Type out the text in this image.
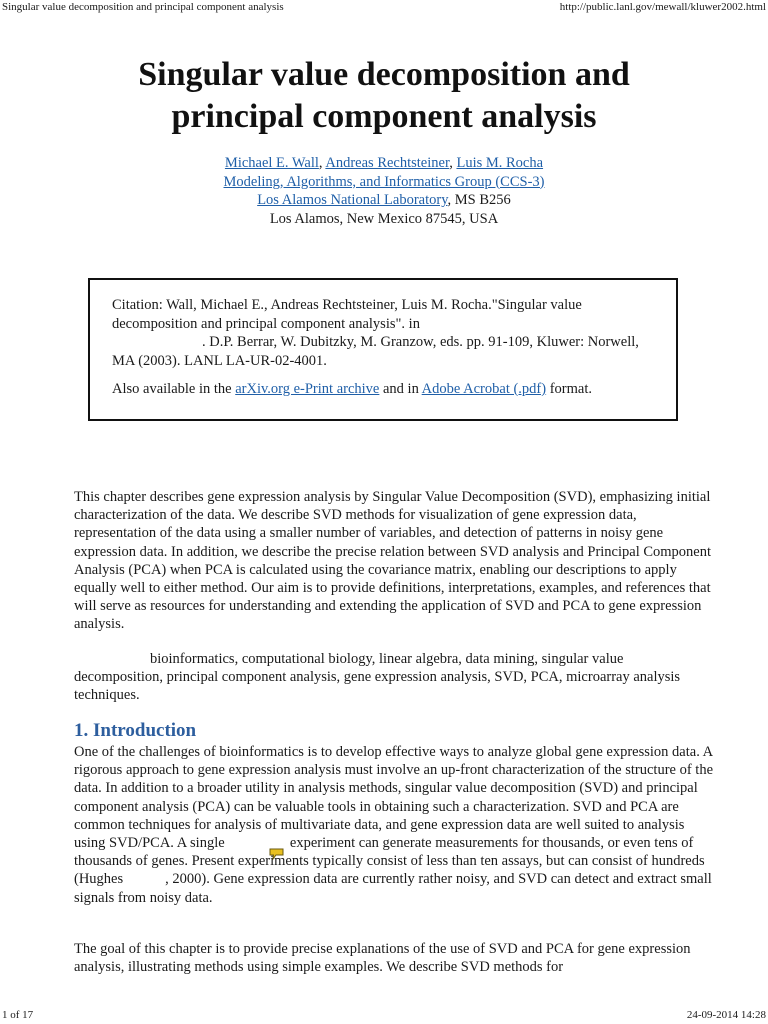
Singular value decomposition and principal component analysis	http://public.lanl.gov/mewall/kluwer2002.html
Singular value decomposition and
principal component analysis
Michael E. Wall, Andreas Rechtsteiner, Luis M. Rocha
Modeling, Algorithms, and Informatics Group (CCS-3)
Los Alamos National Laboratory, MS B256
Los Alamos, New Mexico 87545, USA
Citation: Wall, Michael E., Andreas Rechtsteiner, Luis M. Rocha."Singular value decomposition and principal component analysis". in
. D.P. Berrar, W. Dubitzky, M. Granzow, eds. pp. 91-109, Kluwer: Norwell, MA (2003). LANL LA-UR-02-4001.
Also available in the arXiv.org e-Print archive and in Adobe Acrobat (.pdf) format.
This chapter describes gene expression analysis by Singular Value Decomposition (SVD), emphasizing initial characterization of the data. We describe SVD methods for visualization of gene expression data, representation of the data using a smaller number of variables, and detection of patterns in noisy gene expression data. In addition, we describe the precise relation between SVD analysis and Principal Component Analysis (PCA) when PCA is calculated using the covariance matrix, enabling our descriptions to apply equally well to either method. Our aim is to provide definitions, interpretations, examples, and references that will serve as resources for understanding and extending the application of SVD and PCA to gene expression analysis.
bioinformatics, computational biology, linear algebra, data mining, singular value decomposition, principal component analysis, gene expression analysis, SVD, PCA, microarray analysis techniques.
1. Introduction
One of the challenges of bioinformatics is to develop effective ways to analyze global gene expression data. A rigorous approach to gene expression analysis must involve an up-front characterization of the structure of the data. In addition to a broader utility in analysis methods, singular value decomposition (SVD) and principal component analysis (PCA) can be valuable tools in obtaining such a characterization. SVD and PCA are common techniques for analysis of multivariate data, and gene expression data are well suited to analysis using SVD/PCA. A single	experiment can generate measurements for thousands, or even tens of thousands of genes. Present experiments typically consist of less than ten assays, but can consist of hundreds (Hughes	, 2000). Gene expression data are currently rather noisy, and SVD can detect and extract small signals from noisy data.
The goal of this chapter is to provide precise explanations of the use of SVD and PCA for gene expression analysis, illustrating methods using simple examples. We describe SVD methods for
1 of 17	24-09-2014 14:28
